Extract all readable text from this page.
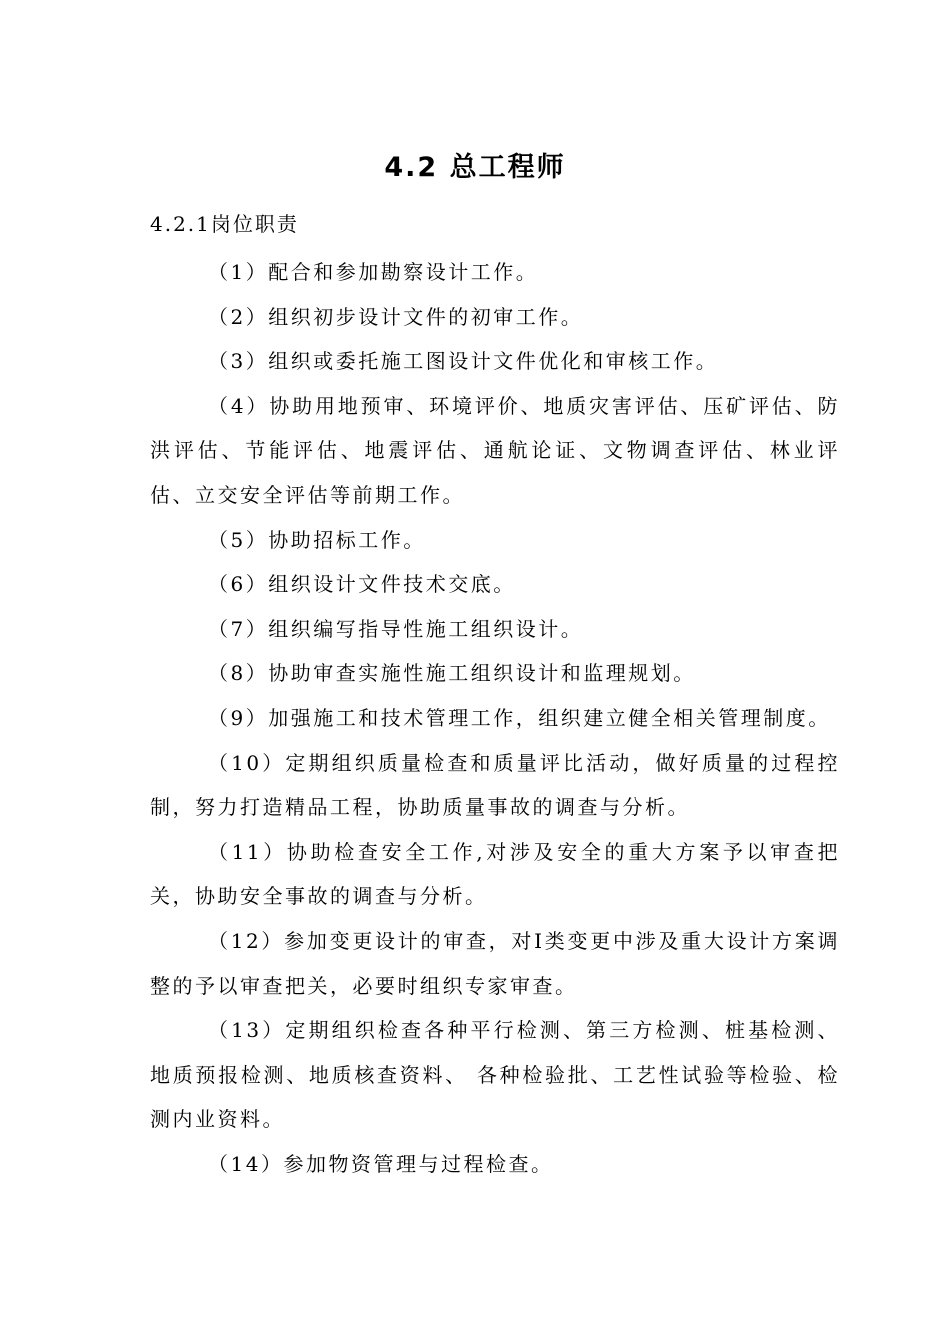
4.2 总工程师
4.2.1岗位职责

（1）配合和参加勘察设计工作。

（2）组织初步设计文件的初审工作。

（3）组织或委托施工图设计文件优化和审核工作。

（4）协助用地预审、环境评价、地质灾害评估、压矿评估、防洪评估、节能评估、地震评估、通航论证、文物调查评估、林业评估、立交安全评估等前期工作。

（5）协助招标工作。

（6）组织设计文件技术交底。

（7）组织编写指导性施工组织设计。

（8）协助审查实施性施工组织设计和监理规划。

（9）加强施工和技术管理工作，组织建立健全相关管理制度。

（10）定期组织质量检查和质量评比活动，做好质量的过程控制，努力打造精品工程，协助质量事故的调查与分析。

（11）协助检查安全工作,对涉及安全的重大方案予以审查把关，协助安全事故的调查与分析。

（12）参加变更设计的审查，对I类变更中涉及重大设计方案调整的予以审查把关，必要时组织专家审查。

（13）定期组织检查各种平行检测、第三方检测、桩基检测、地质预报检测、地质核查资料、 各种检验批、工艺性试验等检验、检测内业资料。

（14）参加物资管理与过程检查。
